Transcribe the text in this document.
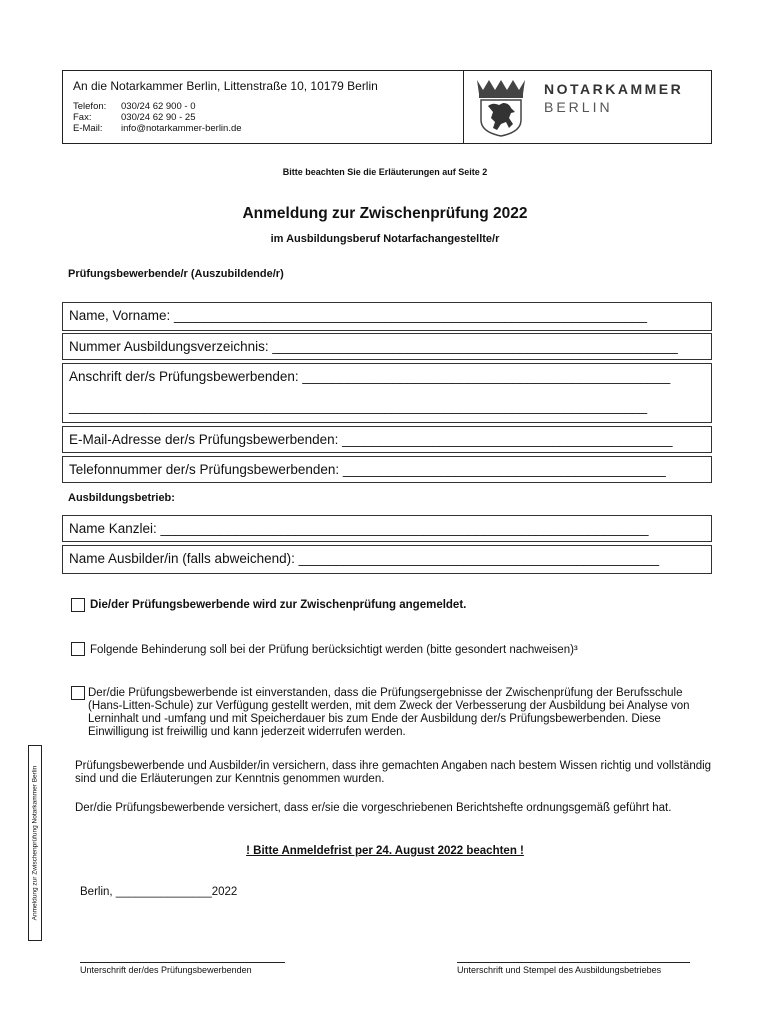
An die Notarkammer Berlin, Littenstraße 10, 10179 Berlin
Telefon: 030/24 62 900 - 0
Fax:	030/24 62 90 - 25
E-Mail: info@notarkammer-berlin.de
NOTARKAMMER
BERLIN
Bitte beachten Sie die Erläuterungen auf Seite 2
Anmeldung zur Zwischenprüfung 2022
im Ausbildungsberuf Notarfachangestellte/r
Prüfungsbewerbende/r (Auszubildende/r)
Name, Vorname: _______________________________________________________________
Nummer Ausbildungsverzeichnis: ______________________________________________________
Anschrift der/s Prüfungsbewerbenden: _________________________________________________
_____________________________________________________________________________
E-Mail-Adresse der/s Prüfungsbewerbenden: ____________________________________________
Telefonnummer der/s Prüfungsbewerbenden: ___________________________________________
Ausbildungsbetrieb:
Name Kanzlei: _________________________________________________________________
Name Ausbilder/in (falls abweichend): ________________________________________________
Die/der Prüfungsbewerbende wird zur Zwischenprüfung angemeldet.
Folgende Behinderung soll bei der Prüfung berücksichtigt werden (bitte gesondert nachweisen)³
Der/die Prüfungsbewerbende ist einverstanden, dass die Prüfungsergebnisse der Zwischenprüfung der Berufsschule (Hans-Litten-Schule) zur Verfügung gestellt werden, mit dem Zweck der Verbesserung der Ausbildung bei Analyse von Lerninhalt und -umfang und mit Speicherdauer bis zum Ende der Ausbildung der/s Prüfungsbewerbenden. Diese Einwilligung ist freiwillig und kann jederzeit widerrufen werden.
Prüfungsbewerbende und Ausbilder/in versichern, dass ihre gemachten Angaben nach bestem Wissen richtig und vollständig sind und die Erläuterungen zur Kenntnis genommen wurden.
Der/die Prüfungsbewerbende versichert, dass er/sie die vorgeschriebenen Berichtshefte ordnungsgemäß geführt hat.
! Bitte Anmeldefrist per 24. August 2022 beachten !
Berlin, _______________2022
Unterschrift der/des Prüfungsbewerbenden	Unterschrift und Stempel des Ausbildungsbetriebes
Anmeldung zur Zwischenprüfung Notarkammer Berlin
